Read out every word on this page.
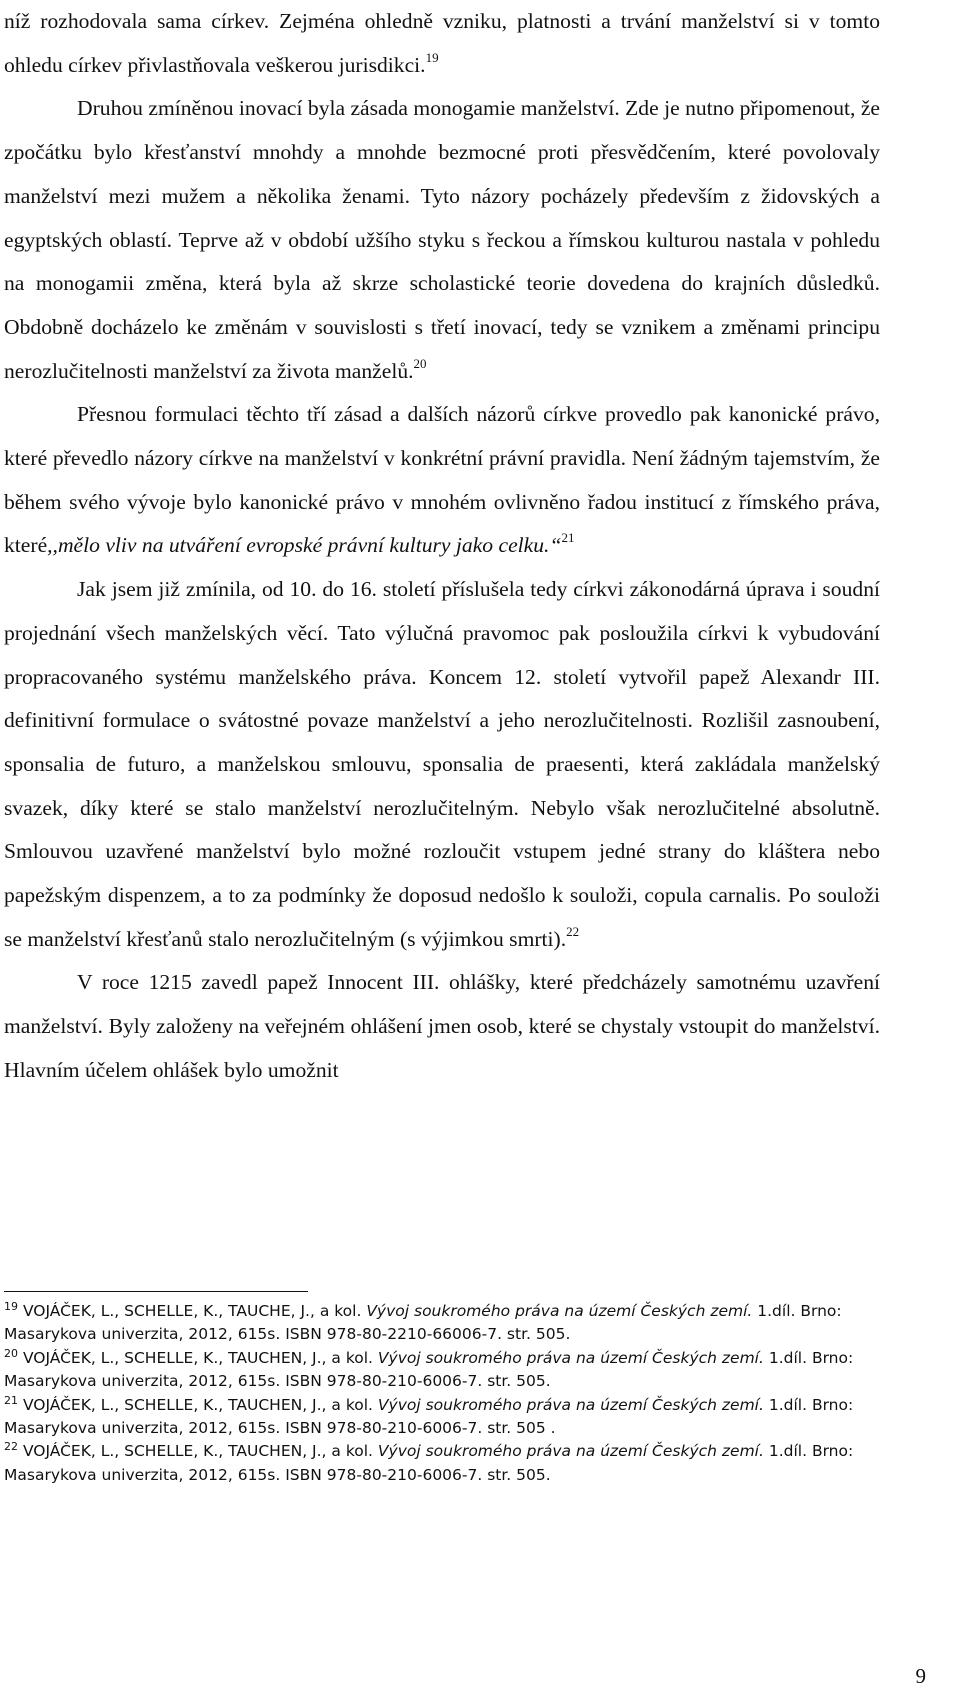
níž rozhodovala sama církev. Zejména ohledně vzniku, platnosti a trvání manželství si v tomto ohledu církev přivlastňovala veškerou jurisdikci.$^{19}$

Druhou zmíněnou inovací byla zásada monogamie manželství. Zde je nutno připomenout, že zpočátku bylo křesťanství mnohdy a mnohde bezmocné proti přesvědčením, které povolovaly manželství mezi mužem a několika ženami. Tyto názory pocházely především z židovských a egyptských oblastí. Teprve až v období užšího styku s řeckou a římskou kulturou nastala v pohledu na monogamii změna, která byla až skrze scholastické teorie dovedena do krajních důsledků. Obdobně docházelo ke změnám v souvislosti s třetí inovací, tedy se vznikem a změnami principu nerozlučitelnosti manželství za života manželů.$^{20}$

Přesnou formulaci těchto tří zásad a dalších názorů církve provedlo pak kanonické právo, které převedlo názory církve na manželství v konkrétní právní pravidla. Není žádným tajemstvím, že během svého vývoje bylo kanonické právo v mnohém ovlivněno řadou institucí z římského práva, které,,mělo vliv na utváření evropské právní kultury jako celku.“$^{21}$

Jak jsem již zmínila, od 10. do 16. století příslušela tedy církvi zákonodárná úprava i soudní projednání všech manželských věcí. Tato výlučná pravomoc pak posloužila církvi k vybudování propracovaného systému manželského práva. Koncem 12. století vytvořil papež Alexandr III. definitivní formulace o svátostné povaze manželství a jeho nerozlučitelnosti. Rozlišil zasnoubení, sponsalia de futuro, a manželskou smlouvu, sponsalia de praesenti, která zakládala manželský svazek, díky které se stalo manželství nerozlučitelným. Nebylo však nerozlučitelné absolutně. Smlouvou uzavřené manželství bylo možné rozloučit vstupem jedné strany do kláštera nebo papežským dispenzem, a to za podmínky že doposud nedošlo k souloži, copula carnalis. Po souloži se manželství křesťanů stalo nerozlučitelným (s výjimkou smrti).$^{22}$

V roce 1215 zavedl papež Innocent III. ohlášky, které předcházely samotnému uzavření manželství. Byly založeny na veřejném ohlášení jmen osob, které se chystaly vstoupit do manželství. Hlavním účelem ohlášek bylo umožnit

$^{19}$ VOJÁČEK, L., SCHELLE, K., TAUCHE, J., a kol. Vývoj soukromého práva na území Českých zemí. 1.díl. Brno: Masarykova univerzita, 2012, 615s. ISBN 978-80-2210-66006-7. str. 505.

$^{20}$ VOJÁČEK, L., SCHELLE, K., TAUCHEN, J., a kol. Vývoj soukromého práva na území Českých zemí. 1.díl. Brno: Masarykova univerzita, 2012, 615s. ISBN 978-80-210-6006-7. str. 505.

$^{21}$ VOJÁČEK, L., SCHELLE, K., TAUCHEN, J., a kol. Vývoj soukromého práva na území Českých zemí. 1.díl. Brno: Masarykova univerzita, 2012, 615s. ISBN 978-80-210-6006-7. str. 505 .

$^{22}$ VOJÁČEK, L., SCHELLE, K., TAUCHEN, J., a kol. Vývoj soukromého práva na území Českých zemí. 1.díl. Brno: Masarykova univerzita, 2012, 615s. ISBN 978-80-210-6006-7. str. 505.

9
